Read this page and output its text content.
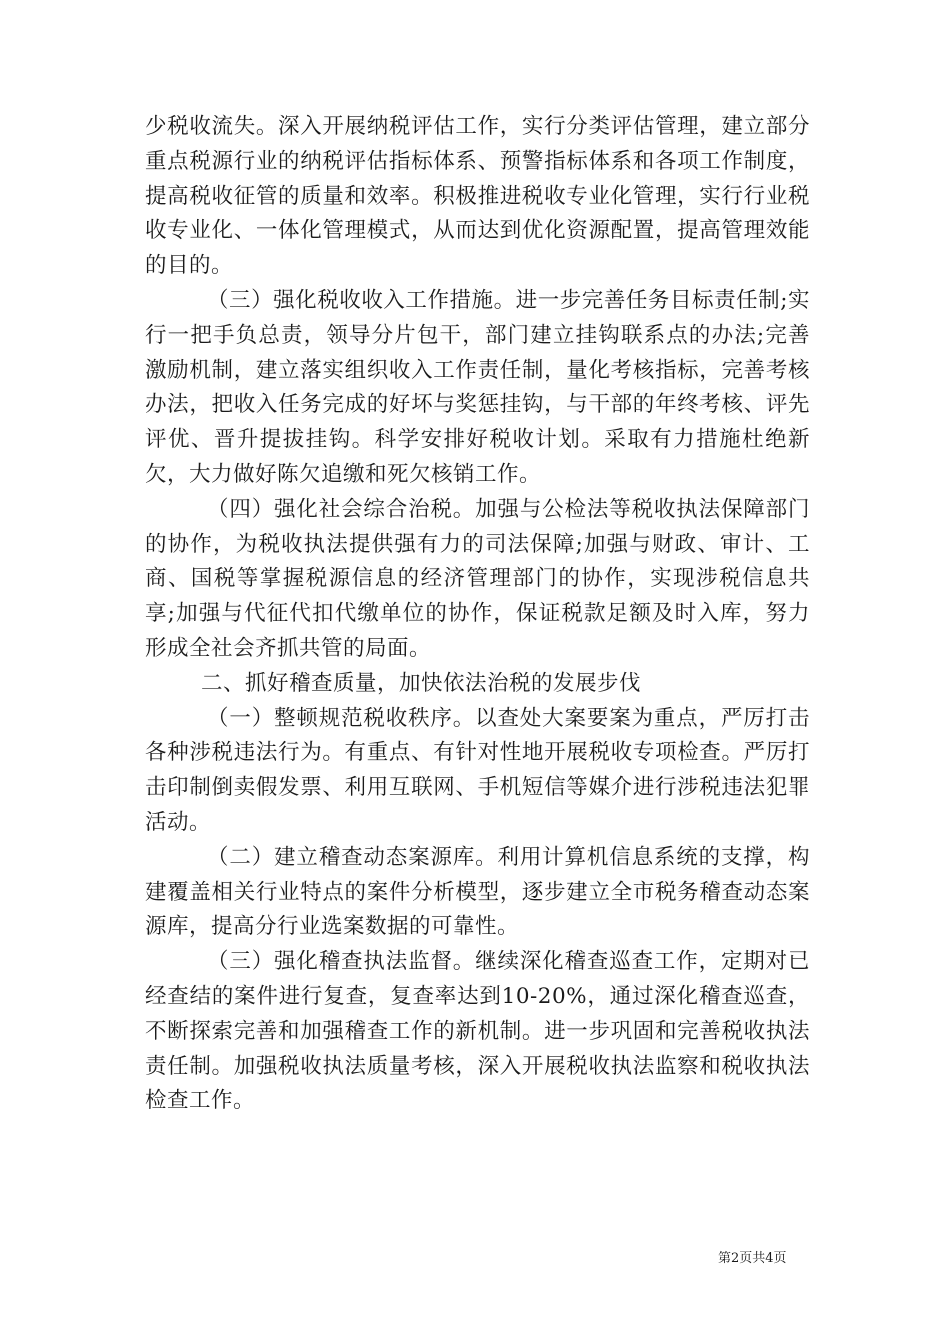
少税收流失。深入开展纳税评估工作，实行分类评估管理，建立部分重点税源行业的纳税评估指标体系、预警指标体系和各项工作制度，提高税收征管的质量和效率。积极推进税收专业化管理，实行行业税收专业化、一体化管理模式，从而达到优化资源配置，提高管理效能的目的。

（三）强化税收收入工作措施。进一步完善任务目标责任制;实行一把手负总责，领导分片包干，部门建立挂钩联系点的办法;完善激励机制，建立落实组织收入工作责任制，量化考核指标，完善考核办法，把收入任务完成的好坏与奖惩挂钩，与干部的年终考核、评先评优、晋升提拔挂钩。科学安排好税收计划。采取有力措施杜绝新欠，大力做好陈欠追缴和死欠核销工作。

（四）强化社会综合治税。加强与公检法等税收执法保障部门的协作，为税收执法提供强有力的司法保障;加强与财政、审计、工商、国税等掌握税源信息的经济管理部门的协作，实现涉税信息共享;加强与代征代扣代缴单位的协作，保证税款足额及时入库，努力形成全社会齐抓共管的局面。

二、抓好稽查质量，加快依法治税的发展步伐

（一）整顿规范税收秩序。以查处大案要案为重点，严厉打击各种涉税违法行为。有重点、有针对性地开展税收专项检查。严厉打击印制倒卖假发票、利用互联网、手机短信等媒介进行涉税违法犯罪活动。

（二）建立稽查动态案源库。利用计算机信息系统的支撑，构建覆盖相关行业特点的案件分析模型，逐步建立全市税务稽查动态案源库，提高分行业选案数据的可靠性。

（三）强化稽查执法监督。继续深化稽查巡查工作，定期对已经查结的案件进行复查，复查率达到10-20%，通过深化稽查巡查，不断探索完善和加强稽查工作的新机制。进一步巩固和完善税收执法责任制。加强税收执法质量考核，深入开展税收执法监察和税收执法检查工作。

第2页共4页
